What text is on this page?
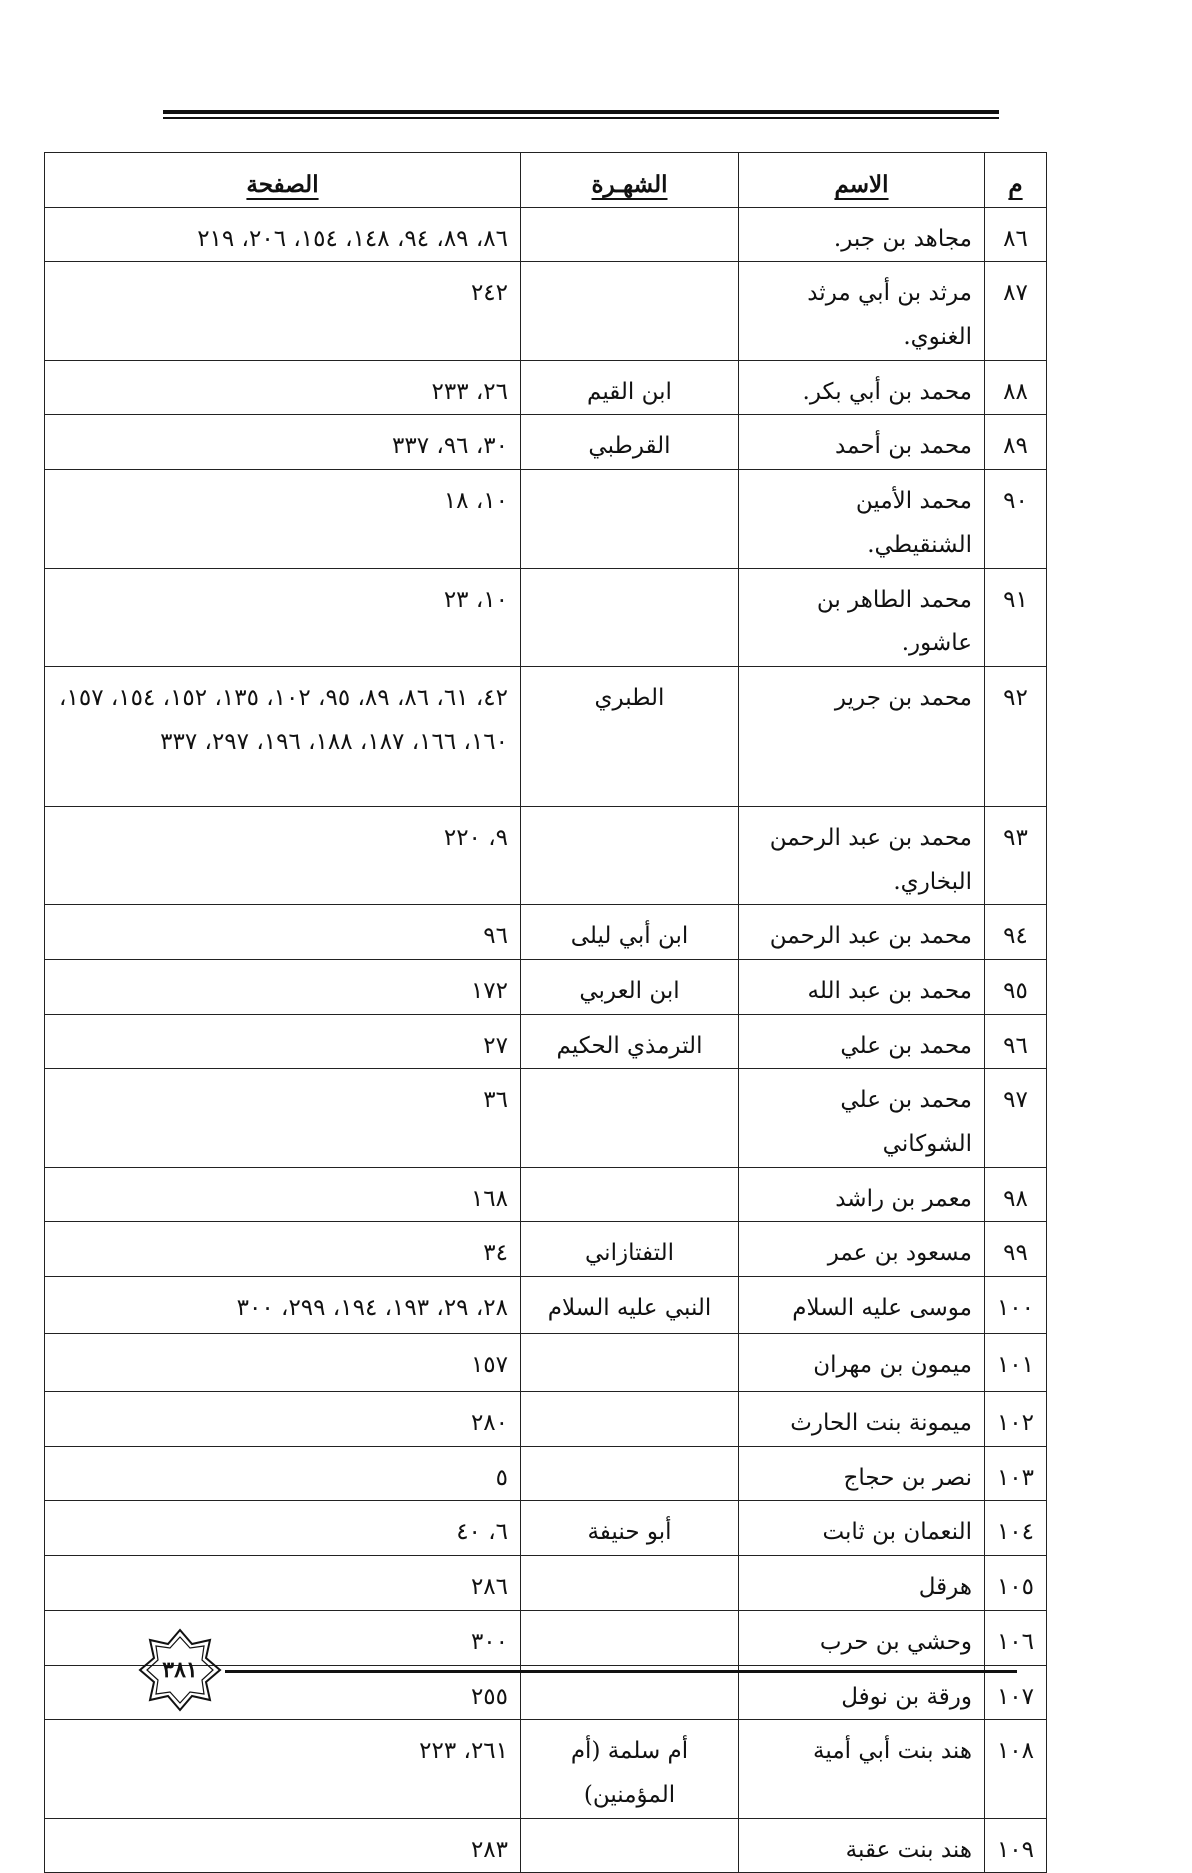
م	الاسم	الشهـرة	الصفحة
٨٦	مجاهد بن جبر.		٨٦، ٨٩، ٩٤، ١٤٨، ١٥٤، ٢٠٦، ٢١٩
٨٧	مرثد بن أبي مرثد الغنوي.		٢٤٢
٨٨	محمد بن أبي بكر.	ابن القيم	٢٦، ٢٣٣
٨٩	محمد بن أحمد	القرطبي	٣٠، ٩٦، ٣٣٧
٩٠	محمد الأمين الشنقيطي.		١٠، ١٨
٩١	محمد الطاهر بن عاشور.		١٠، ٢٣
٩٢	محمد بن جرير	الطبري	٤٢، ٦١، ٨٦، ٨٩، ٩٥، ١٠٢، ١٣٥، ١٥٢، ١٥٤، ١٥٧، ١٦٠، ١٦٦، ١٨٧، ١٨٨، ١٩٦، ٢٩٧، ٣٣٧
٩٣	محمد بن عبد الرحمن البخاري.		٩، ٢٢٠
٩٤	محمد بن عبد الرحمن	ابن أبي ليلى	٩٦
٩٥	محمد بن عبد الله	ابن العربي	١٧٢
٩٦	محمد بن علي	الترمذي الحكيم	٢٧
٩٧	محمد بن علي الشوكاني		٣٦
٩٨	معمر بن راشد		١٦٨
٩٩	مسعود بن عمر	التفتازاني	٣٤
١٠٠	موسى عليه السلام	النبي عليه السلام	٢٨، ٢٩، ١٩٣، ١٩٤، ٢٩٩، ٣٠٠
١٠١	ميمون بن مهران		١٥٧
١٠٢	ميمونة بنت الحارث		٢٨٠
١٠٣	نصر بن حجاج		٥
١٠٤	النعمان بن ثابت	أبو حنيفة	٦، ٤٠
١٠٥	هرقل		٢٨٦
١٠٦	وحشي بن حرب		٣٠٠
١٠٧	ورقة بن نوفل		٢٥٥
١٠٨	هند بنت أبي أمية	أم سلمة (أم المؤمنين)	٢٦١، ٢٢٣
١٠٩	هند بنت عقبة		٢٨٣
٣٨١
